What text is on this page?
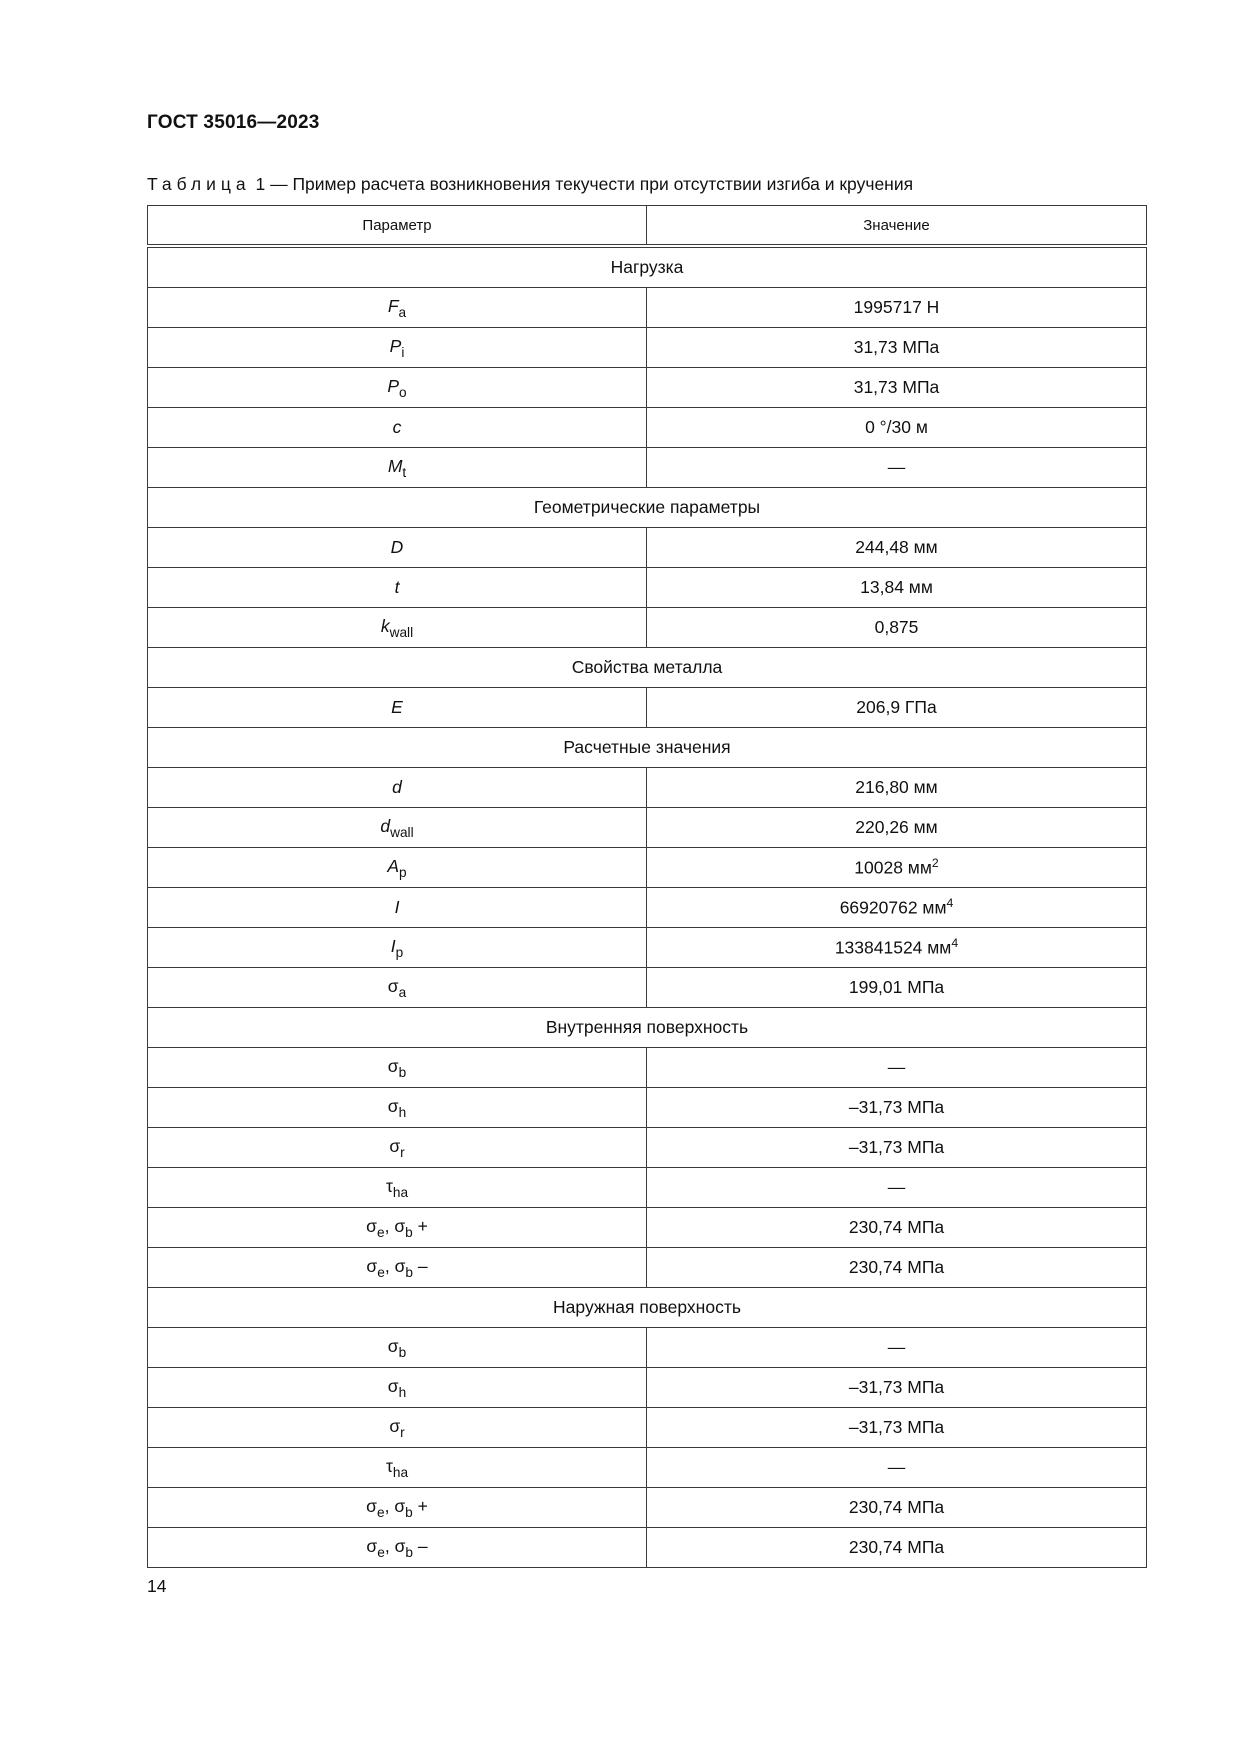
ГОСТ 35016—2023
Таблица 1 — Пример расчета возникновения текучести при отсутствии изгиба и кручения
Параметр	Значение
Нагрузка	
$F_a$	1995717 Н
$P_i$	31,73 МПа
$P_o$	31,73 МПа
c	0 °/30 м
$M_t$	—
Геометрические параметры	
D	244,48 мм
t	13,84 мм
$k_{wall}$	0,875
Свойства металла	
E	206,9 ГПа
Расчетные значения	
d	216,80 мм
$d_{wall}$	220,26 мм
$A_p$	10028 $мм^2$
I	66920762 $мм^4$
$I_p$	133841524 $мм^4$
$\sigma_a$	199,01 МПа
Внутренняя поверхность	
$\sigma_b$	—
$\sigma_h$	–31,73 МПа
$\sigma_r$	–31,73 МПа
$\tau_{ha}$	—
$\sigma_e$, $\sigma_b$ +	230,74 МПа
$\sigma_e$, $\sigma_b$ –	230,74 МПа
Наружная поверхность	
$\sigma_b$	—
$\sigma_h$	–31,73 МПа
$\sigma_r$	–31,73 МПа
$\tau_{ha}$	—
$\sigma_e$, $\sigma_b$ +	230,74 МПа
$\sigma_e$, $\sigma_b$ –	230,74 МПа
14
